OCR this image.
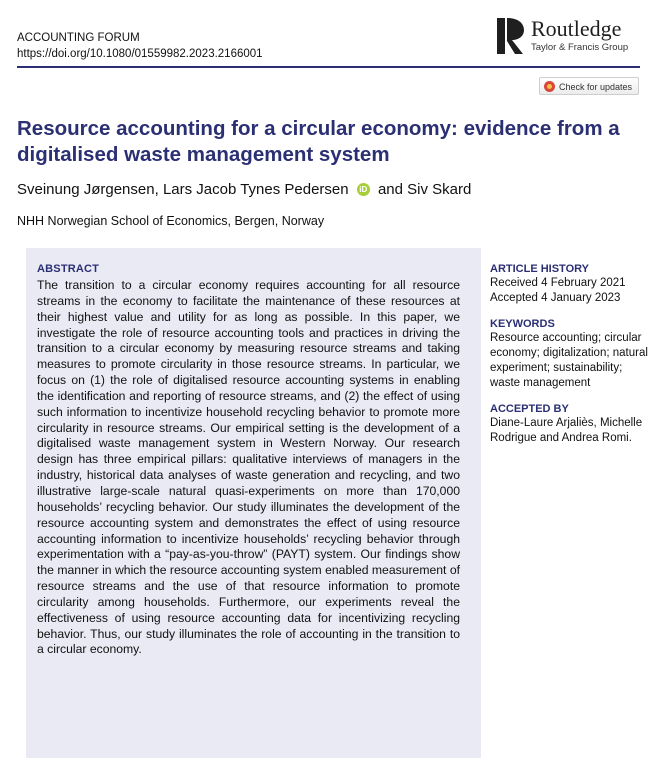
ACCOUNTING FORUM
https://doi.org/10.1080/01559982.2023.2166001
Routledge
Taylor & Francis Group
Check for updates
Resource accounting for a circular economy: evidence from a digitalised waste management system
Sveinung Jørgensen, Lars Jacob Tynes Pedersen iD and Siv Skard
NHH Norwegian School of Economics, Bergen, Norway
ABSTRACT

The transition to a circular economy requires accounting for all resource streams in the economy to facilitate the maintenance of these resources at their highest value and utility for as long as possible. In this paper, we investigate the role of resource accounting tools and practices in driving the transition to a circular economy by measuring resource streams and taking measures to promote circularity in those resource streams. In particular, we focus on (1) the role of digitalised resource accounting systems in enabling the identification and reporting of resource streams, and (2) the effect of using such information to incentivize household recycling behavior to promote more circularity in resource streams. Our empirical setting is the development of a digitalised waste management system in Western Norway. Our research design has three empirical pillars: qualitative interviews of managers in the industry, historical data analyses of waste generation and recycling, and two illustrative large-scale natural quasi-experiments on more than 170,000 households’ recycling behavior. Our study illuminates the development of the resource accounting system and demonstrates the effect of using resource accounting information to incentivize households’ recycling behavior through experimentation with a “pay-as-you-throw” (PAYT) system. Our findings show the manner in which the resource accounting system enabled measurement of resource streams and the use of that resource information to promote circularity among households. Furthermore, our experiments reveal the effectiveness of using resource accounting data for incentivizing recycling behavior. Thus, our study illuminates the role of accounting in the transition to a circular economy.

ARTICLE HISTORY

Received 4 February 2021

Accepted 4 January 2023

KEYWORDS

Resource accounting; circular economy; digitalization; natural experiment; sustainability; waste management

ACCEPTED BY

Diane-Laure Arjaliès, Michelle Rodrigue and Andrea Romi.
